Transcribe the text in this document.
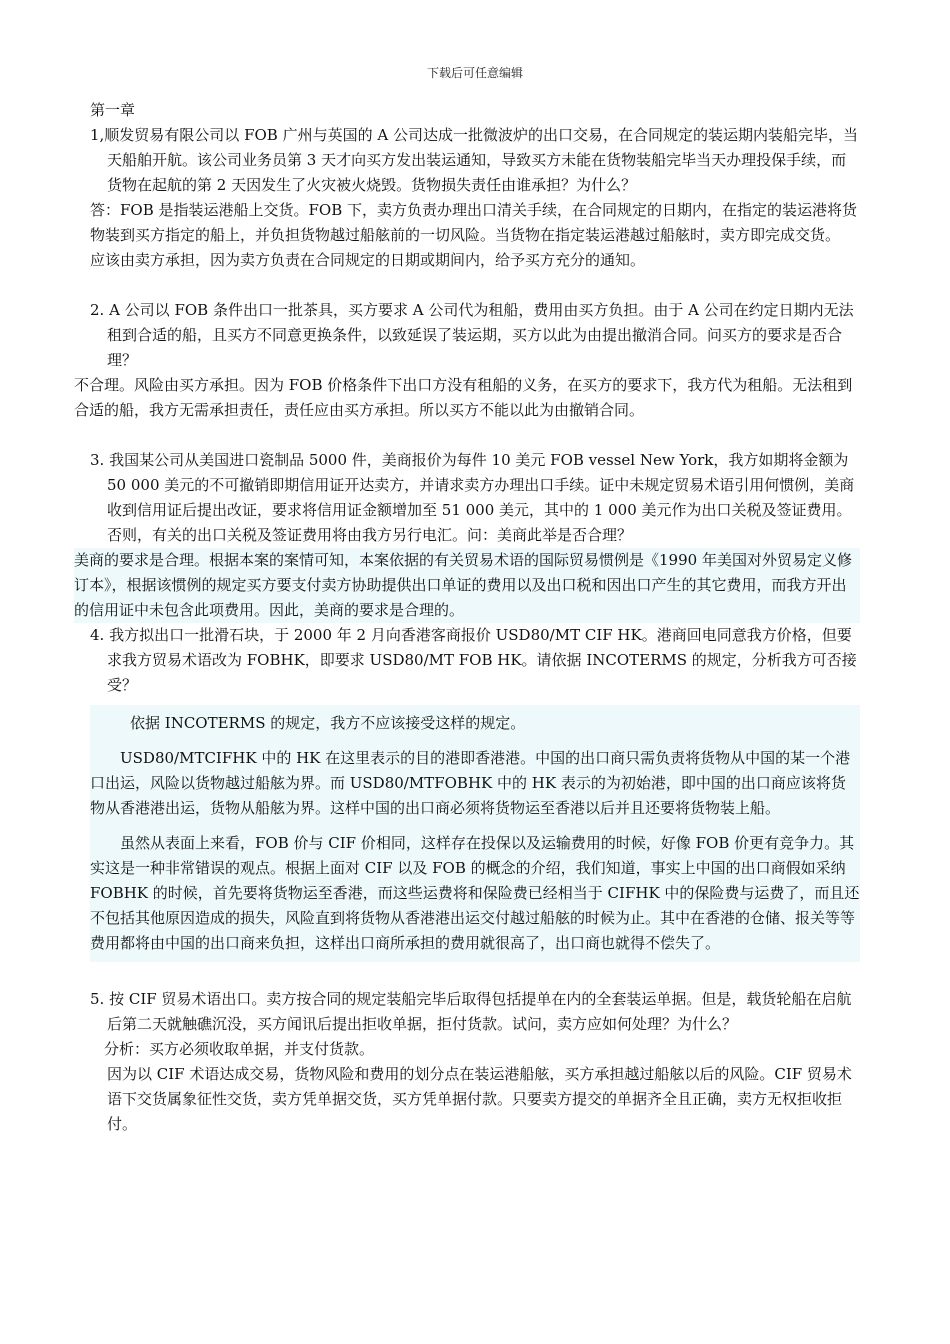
下载后可任意编辑

第一章

1,顺发贸易有限公司以 FOB 广州与英国的 A 公司达成一批微波炉的出口交易，在合同规定的装运期内装船完毕，当天船舶开航。该公司业务员第 3 天才向买方发出装运通知，导致买方未能在货物装船完毕当天办理投保手续，而货物在起航的第 2 天因发生了火灾被火烧毁。货物损失责任由谁承担？为什么？

答：FOB 是指装运港船上交货。FOB 下，卖方负责办理出口清关手续，在合同规定的日期内，在指定的装运港将货物装到买方指定的船上，并负担货物越过船舷前的一切风险。当货物在指定装运港越过船舷时，卖方即完成交货。

应该由卖方承担，因为卖方负责在合同规定的日期或期间内，给予买方充分的通知。

2. A 公司以 FOB 条件出口一批茶具，买方要求 A 公司代为租船，费用由买方负担。由于 A 公司在约定日期内无法租到合适的船，且买方不同意更换条件，以致延误了装运期，买方以此为由提出撤消合同。问买方的要求是否合理？

不合理。风险由买方承担。因为 FOB 价格条件下出口方没有租船的义务，在买方的要求下，我方代为租船。无法租到合适的船，我方无需承担责任，责任应由买方承担。所以买方不能以此为由撤销合同。

3. 我国某公司从美国进口瓷制品 5000 件，美商报价为每件 10 美元 FOB vessel New York，我方如期将金额为 50 000 美元的不可撤销即期信用证开达卖方，并请求卖方办理出口手续。证中未规定贸易术语引用何惯例，美商收到信用证后提出改证，要求将信用证金额增加至 51 000 美元，其中的 1 000 美元作为出口关税及签证费用。否则，有关的出口关税及签证费用将由我方另行电汇。问：美商此举是否合理？

美商的要求是合理。根据本案的案情可知，本案依据的有关贸易术语的国际贸易惯例是《1990 年美国对外贸易定义修订本》，根据该惯例的规定买方要支付卖方协助提供出口单证的费用以及出口税和因出口产生的其它费用，而我方开出的信用证中未包含此项费用。因此，美商的要求是合理的。

4. 我方拟出口一批滑石块，于 2000 年 2 月向香港客商报价 USD80/MT CIF HK。港商回电同意我方价格，但要求我方贸易术语改为 FOBHK，即要求 USD80/MT FOB HK。请依据 INCOTERMS 的规定，分析我方可否接受？

依据 INCOTERMS 的规定，我方不应该接受这样的规定。

USD80/MTCIFHK 中的 HK 在这里表示的目的港即香港港。中国的出口商只需负责将货物从中国的某一个港口出运，风险以货物越过船舷为界。而 USD80/MTFOBHK 中的 HK 表示的为初始港，即中国的出口商应该将货物从香港港出运，货物从船舷为界。这样中国的出口商必须将货物运至香港以后并且还要将货物装上船。

虽然从表面上来看，FOB 价与 CIF 价相同，这样存在投保以及运输费用的时候，好像 FOB 价更有竞争力。其实这是一种非常错误的观点。根据上面对 CIF 以及 FOB 的概念的介绍，我们知道，事实上中国的出口商假如采纳 FOBHK 的时候，首先要将货物运至香港，而这些运费将和保险费已经相当于 CIFHK 中的保险费与运费了，而且还不包括其他原因造成的损失，风险直到将货物从香港港出运交付越过船舷的时候为止。其中在香港的仓储、报关等等费用都将由中国的出口商来负担，这样出口商所承担的费用就很高了，出口商也就得不偿失了。

5. 按 CIF 贸易术语出口。卖方按合同的规定装船完毕后取得包括提单在内的全套装运单据。但是，载货轮船在启航后第二天就触礁沉没，买方闻讯后提出拒收单据，拒付货款。试问，卖方应如何处理？为什么？

分析：买方必须收取单据，并支付货款。

因为以 CIF 术语达成交易，货物风险和费用的划分点在装运港船舷，买方承担越过船舷以后的风险。CIF 贸易术语下交货属象征性交货，卖方凭单据交货，买方凭单据付款。只要卖方提交的单据齐全且正确，卖方无权拒收拒付。
